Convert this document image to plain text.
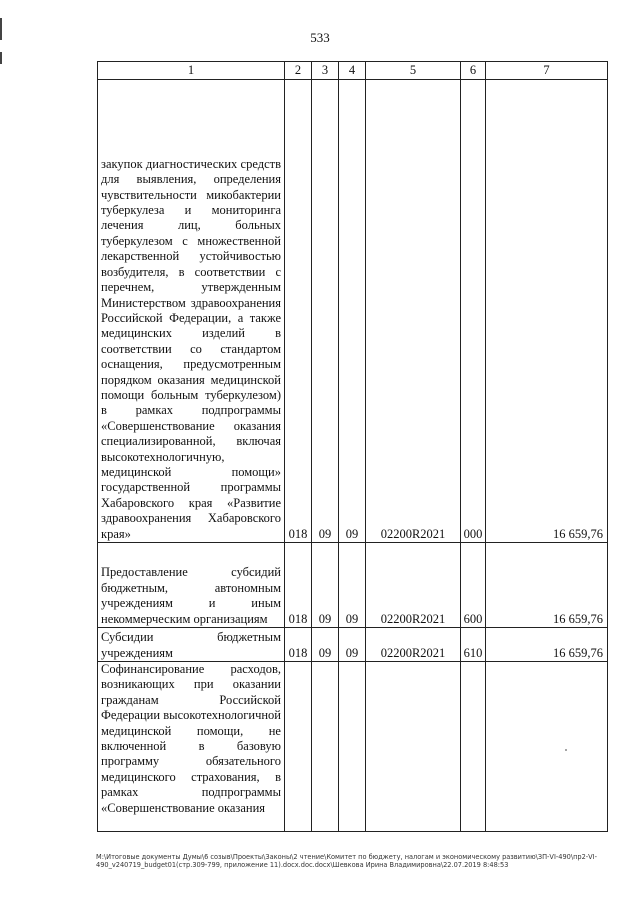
533
1	2	3	4	5	6	7
закупок диагностических средств для выявления, определения чувствительности микобактерии туберкулеза и мониторинга лечения лиц, больных туберкулезом с множественной лекарственной устойчивостью возбудителя, в соответствии с перечнем, утвержденным Министерством здравоохранения Российской Федерации, а также медицинских изделий в соответствии со стандартом оснащения, предусмотренным порядком оказания медицинской помощи больным туберкулезом) в рамках подпрограммы «Совершенствование оказания специализированной, включая высокотехнологичную, медицинской помощи» государственной программы Хабаровского края «Развитие здравоохранения Хабаровского края»	018	09	09	02200R2021	000	16 659,76
Предоставление субсидий бюджетным, автономным учреждениям и иным некоммерческим организациям	018	09	09	02200R2021	600	16 659,76
Субсидии бюджетным учреждениям	018	09	09	02200R2021	610	16 659,76
Софинансирование расходов, возникающих при оказании гражданам Российской Федерации высокотехнологичной медицинской помощи, не включенной в базовую программу обязательного медицинского страхования, в рамках подпрограммы «Совершенствование оказания						
M:\Итоговые документы Думы\6 созыв\Проекты\Законы\2 чтение\Комитет по бюджету, налогам и экономическому развитию\ЗП-VI-490\пр2-VI-490_v240719_budget01(стр.309-799, приложение 11).docx.doc.docx\Шевкова Ирина Владимировна\22.07.2019 8:48:53
